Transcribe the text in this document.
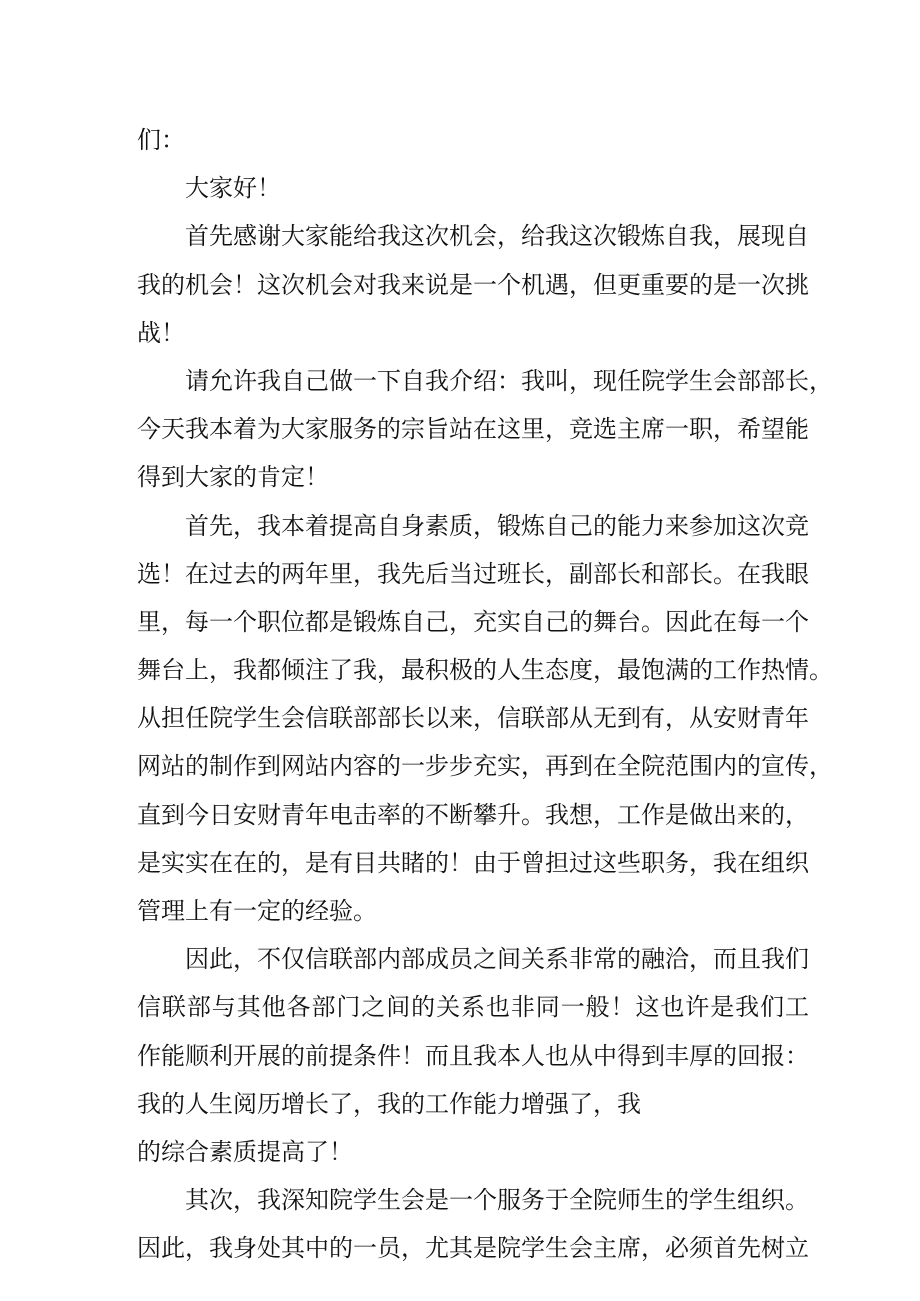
们：
大家好！
首先感谢大家能给我这次机会，给我这次锻炼自我，展现自
我的机会！这次机会对我来说是一个机遇，但更重要的是一次挑
战！
请允许我自己做一下自我介绍：我叫，现任院学生会部部长，
今天我本着为大家服务的宗旨站在这里，竞选主席一职，希望能
得到大家的肯定！
首先，我本着提高自身素质，锻炼自己的能力来参加这次竞
选！在过去的两年里，我先后当过班长，副部长和部长。在我眼
里，每一个职位都是锻炼自己，充实自己的舞台。因此在每一个
舞台上，我都倾注了我，最积极的人生态度，最饱满的工作热情。
从担任院学生会信联部部长以来，信联部从无到有，从安财青年
网站的制作到网站内容的一步步充实，再到在全院范围内的宣传，
直到今日安财青年电击率的不断攀升。我想，工作是做出来的，
是实实在在的，是有目共睹的！由于曾担过这些职务，我在组织
管理上有一定的经验。
因此，不仅信联部内部成员之间关系非常的融洽，而且我们
信联部与其他各部门之间的关系也非同一般！这也许是我们工
作能顺利开展的前提条件！而且我本人也从中得到丰厚的回报：
我的人生阅历增长了，我的工作能力增强了，我
的综合素质提高了！
其次，我深知院学生会是一个服务于全院师生的学生组织。
因此，我身处其中的一员，尤其是院学生会主席，必须首先树立
